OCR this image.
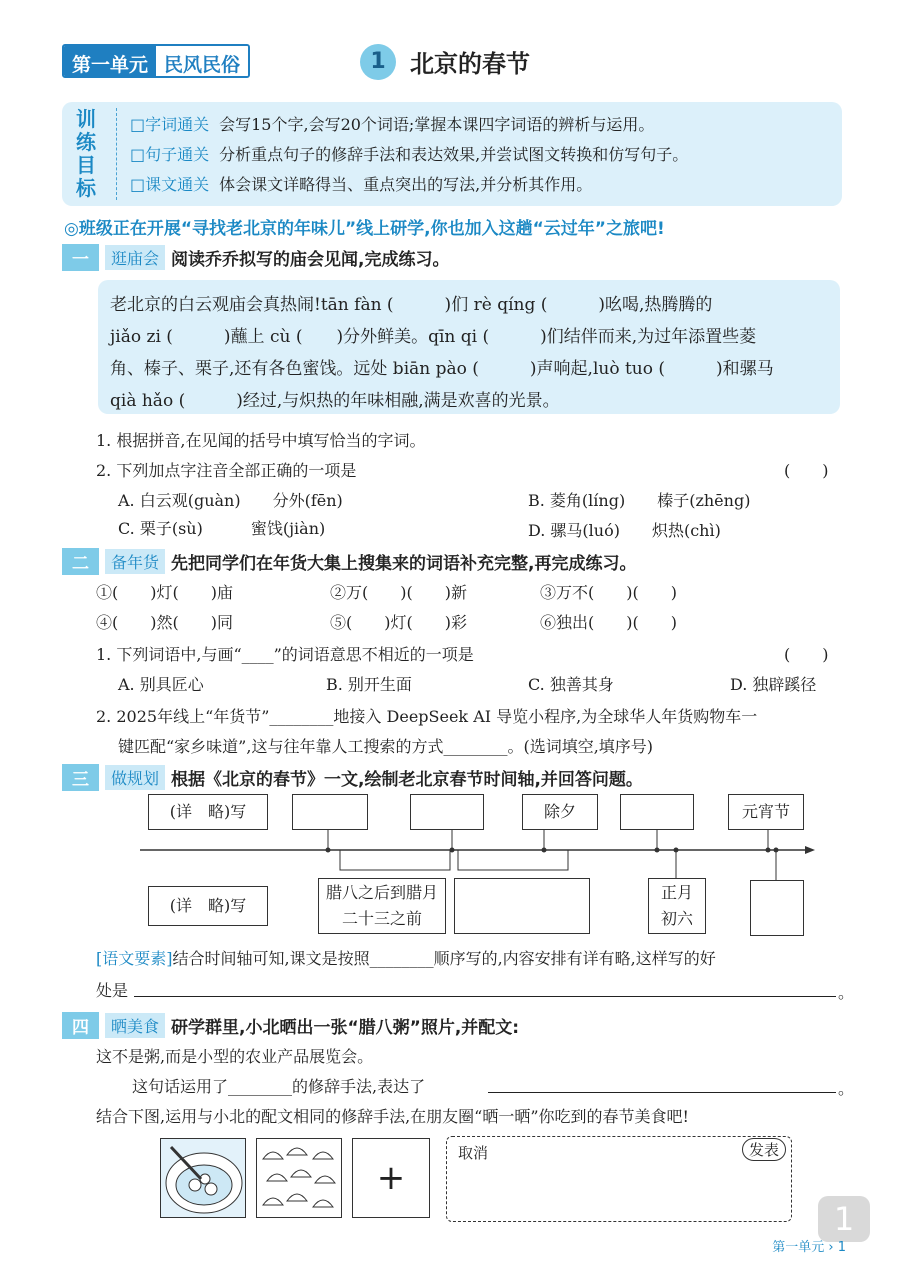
第一单元 民风民俗	1	北京的春节
训练目标
□字词通关 会写15个字,会写20个词语;掌握本课四字词语的辨析与运用。
□句子通关 分析重点句子的修辞手法和表达效果,并尝试图文转换和仿写句子。
□课文通关 体会课文详略得当、重点突出的写法,并分析其作用。
◎班级正在开展“寻找老北京的年味儿”线上研学,你也加入这趟“云过年”之旅吧!
一	逛庙会 阅读乔乔拟写的庙会见闻,完成练习。
老北京的白云观庙会真热闹!tān fàn (　　　)们 rè qíng (　　　)吆喝,热腾腾的
jiǎo zi (　　　)蘸上 cù (　　)分外鲜美。qīn qi (　　　)们结伴而来,为过年添置些菱
角、榛子、栗子,还有各色蜜饯。远处 biān pào (　　　)声响起,luò tuo (　　　)和骡马
qià hǎo (　　　)经过,与炽热的年味相融,满是欢喜的光景。
1. 根据拼音,在见闻的括号中填写恰当的字词。
2. 下列加点字注音全部正确的一项是	(　　)
A. 白云观(guàn)　　分外(fēn)	B. 菱角(líng)　　榛子(zhēng)
C. 栗子(sù)　　　蜜饯(jiàn)	D. 骡马(luó)　　炽热(chì)
二	备年货 先把同学们在年货大集上搜集来的词语补充完整,再完成练习。
①(　　)灯(　　)庙	②万(　　)(　　)新	③万不(　　)(　　)
④(　　)然(　　)同	⑤(　　)灯(　　)彩	⑥独出(　　)(　　)
1. 下列词语中,与画“____”的词语意思不相近的一项是	(　　)
A. 别具匠心	B. 别开生面	C. 独善其身	D. 独辟蹊径
2. 2025年线上“年货节”________地接入 DeepSeek AI 导览小程序,为全球华人年货购物车一
键匹配“家乡味道”,这与往年靠人工搜索的方式________。(选词填空,填序号)
三	做规划 根据《北京的春节》一文,绘制老北京春节时间轴,并回答问题。
(详　略)写	除夕	元宵节
(详　略)写
腊八之后到腊月二十三之前
正月初六
[语文要素]结合时间轴可知,课文是按照________顺序写的,内容安排有详有略,这样写的好
处是	。
四	晒美食 研学群里,小北晒出一张“腊八粥”照片,并配文:
这不是粥,而是小型的农业产品展览会。
这句话运用了________的修辞手法,表达了	。
结合下图,运用与小北的配文相同的修辞手法,在朋友圈“晒一晒”你吃到的春节美食吧!
+
取消	发表
1
第一单元 › 1
